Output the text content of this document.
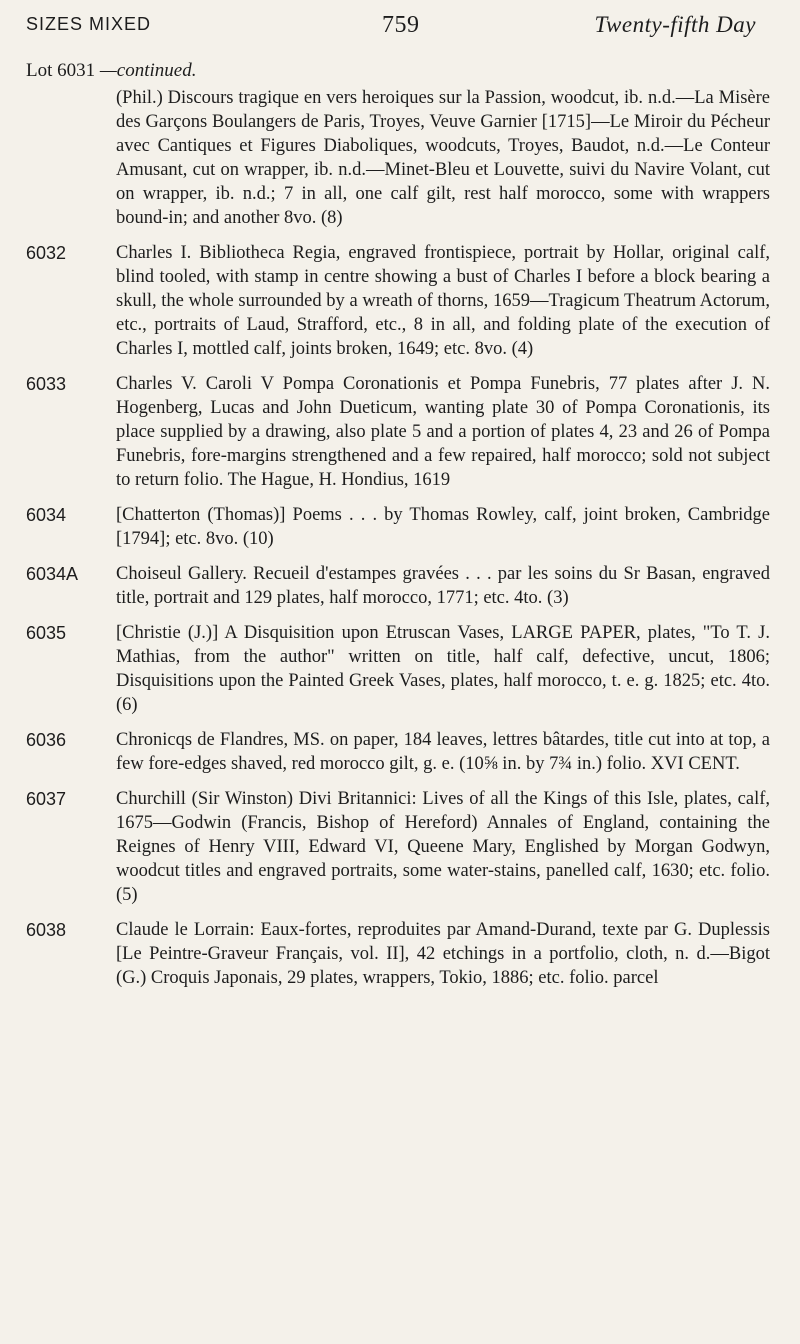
SIZES MIXED	759	Twenty-fifth Day
Lot 6031 —continued.
(Phil.) Discours tragique en vers heroiques sur la Passion, woodcut, ib. n.d.—La Misère des Garçons Boulangers de Paris, Troyes, Veuve Garnier [1715]—Le Miroir du Pécheur avec Cantiques et Figures Diaboliques, woodcuts, Troyes, Baudot, n.d.—Le Conteur Amusant, cut on wrapper, ib. n.d.—Minet-Bleu et Louvette, suivi du Navire Volant, cut on wrapper, ib. n.d.; 7 in all, one calf gilt, rest half morocco, some with wrappers bound-in; and another 8vo. (8)
6032	Charles I. Bibliotheca Regia, engraved frontispiece, portrait by Hollar, original calf, blind tooled, with stamp in centre showing a bust of Charles I before a block bearing a skull, the whole surrounded by a wreath of thorns, 1659—Tragicum Theatrum Actorum, etc., portraits of Laud, Strafford, etc., 8 in all, and folding plate of the execution of Charles I, mottled calf, joints broken, 1649; etc. 8vo. (4)
6033	Charles V. Caroli V Pompa Coronationis et Pompa Funebris, 77 plates after J. N. Hogenberg, Lucas and John Dueticum, wanting plate 30 of Pompa Coronationis, its place supplied by a drawing, also plate 5 and a portion of plates 4, 23 and 26 of Pompa Funebris, fore-margins strengthened and a few repaired, half morocco; sold not subject to return folio. The Hague, H. Hondius, 1619
6034	[Chatterton (Thomas)] Poems . . . by Thomas Rowley, calf, joint broken, Cambridge [1794]; etc. 8vo. (10)
6034A	Choiseul Gallery. Recueil d'estampes gravées . . . par les soins du Sr Basan, engraved title, portrait and 129 plates, half morocco, 1771; etc. 4to. (3)
6035	[Christie (J.)] A Disquisition upon Etruscan Vases, LARGE PAPER, plates, "To T. J. Mathias, from the author" written on title, half calf, defective, uncut, 1806; Disquisitions upon the Painted Greek Vases, plates, half morocco, t. e. g. 1825; etc. 4to. (6)
6036	Chronicqs de Flandres, MS. on paper, 184 leaves, lettres bâtardes, title cut into at top, a few fore-edges shaved, red morocco gilt, g. e. (10⅝ in. by 7¾ in.) folio. XVI CENT.
6037	Churchill (Sir Winston) Divi Britannici: Lives of all the Kings of this Isle, plates, calf, 1675—Godwin (Francis, Bishop of Hereford) Annales of England, containing the Reignes of Henry VIII, Edward VI, Queene Mary, Englished by Morgan Godwyn, woodcut titles and engraved portraits, some water-stains, panelled calf, 1630; etc. folio. (5)
6038	Claude le Lorrain: Eaux-fortes, reproduites par Amand-Durand, texte par G. Duplessis [Le Peintre-Graveur Français, vol. II], 42 etchings in a portfolio, cloth, n. d.—Bigot (G.) Croquis Japonais, 29 plates, wrappers, Tokio, 1886; etc. folio. parcel
